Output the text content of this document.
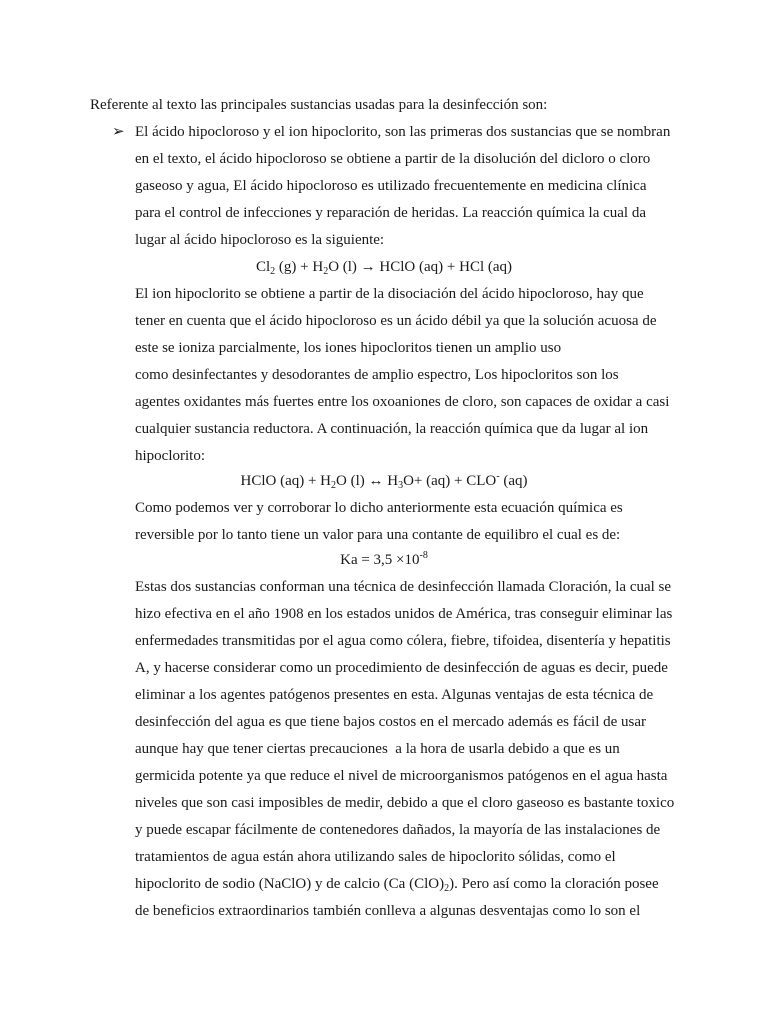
Referente al texto las principales sustancias usadas para la desinfección son:
➢ El ácido hipocloroso y el ion hipoclorito, son las primeras dos sustancias que se nombran
en el texto, el ácido hipocloroso se obtiene a partir de la disolución del dicloro o cloro
gaseoso y agua, El ácido hipocloroso es utilizado frecuentemente en medicina clínica
para el control de infecciones y reparación de heridas. La reacción química la cual da
lugar al ácido hipocloroso es la siguiente:
$Cl_2$ $(g) + H_2O$ (l) → HClO (aq) + HCl (aq)
El ion hipoclorito se obtiene a partir de la disociación del ácido hipocloroso, hay que
tener en cuenta que el ácido hipocloroso es un ácido débil ya que la solución acuosa de
este se ioniza parcialmente, los iones hipocloritos tienen un amplio uso
como desinfectantes y desodorantes de amplio espectro, Los hipocloritos son los
agentes oxidantes más fuertes entre los oxoaniones de cloro, son capaces de oxidar a casi
cualquier sustancia reductora. A continuación, la reacción química que da lugar al ion
hipoclorito:
HClO $(aq) + H_2O$ (l) ↔ $H_3O+ (aq) + CLO^-$ (aq)
Como podemos ver y corroborar lo dicho anteriormente esta ecuación química es
reversible por lo tanto tiene un valor para una contante de equilibro el cual es de:
$Ka = 3,5 \times 10^{-8}$
Estas dos sustancias conforman una técnica de desinfección llamada Cloración, la cual se
hizo efectiva en el año 1908 en los estados unidos de América, tras conseguir eliminar las
enfermedades transmitidas por el agua como cólera, fiebre, tifoidea, disentería y hepatitis
A, y hacerse considerar como un procedimiento de desinfección de aguas es decir, puede
eliminar a los agentes patógenos presentes en esta. Algunas ventajas de esta técnica de
desinfección del agua es que tiene bajos costos en el mercado además es fácil de usar
aunque hay que tener ciertas precauciones  a la hora de usarla debido a que es un
germicida potente ya que reduce el nivel de microorganismos patógenos en el agua hasta
niveles que son casi imposibles de medir, debido a que el cloro gaseoso es bastante toxico
y puede escapar fácilmente de contenedores dañados, la mayoría de las instalaciones de
tratamientos de agua están ahora utilizando sales de hipoclorito sólidas, como el
hipoclorito de sodio (NaClO) y de calcio (Ca $(ClO)_2$). Pero así como la cloración posee
de beneficios extraordinarios también conlleva a algunas desventajas como lo son el
